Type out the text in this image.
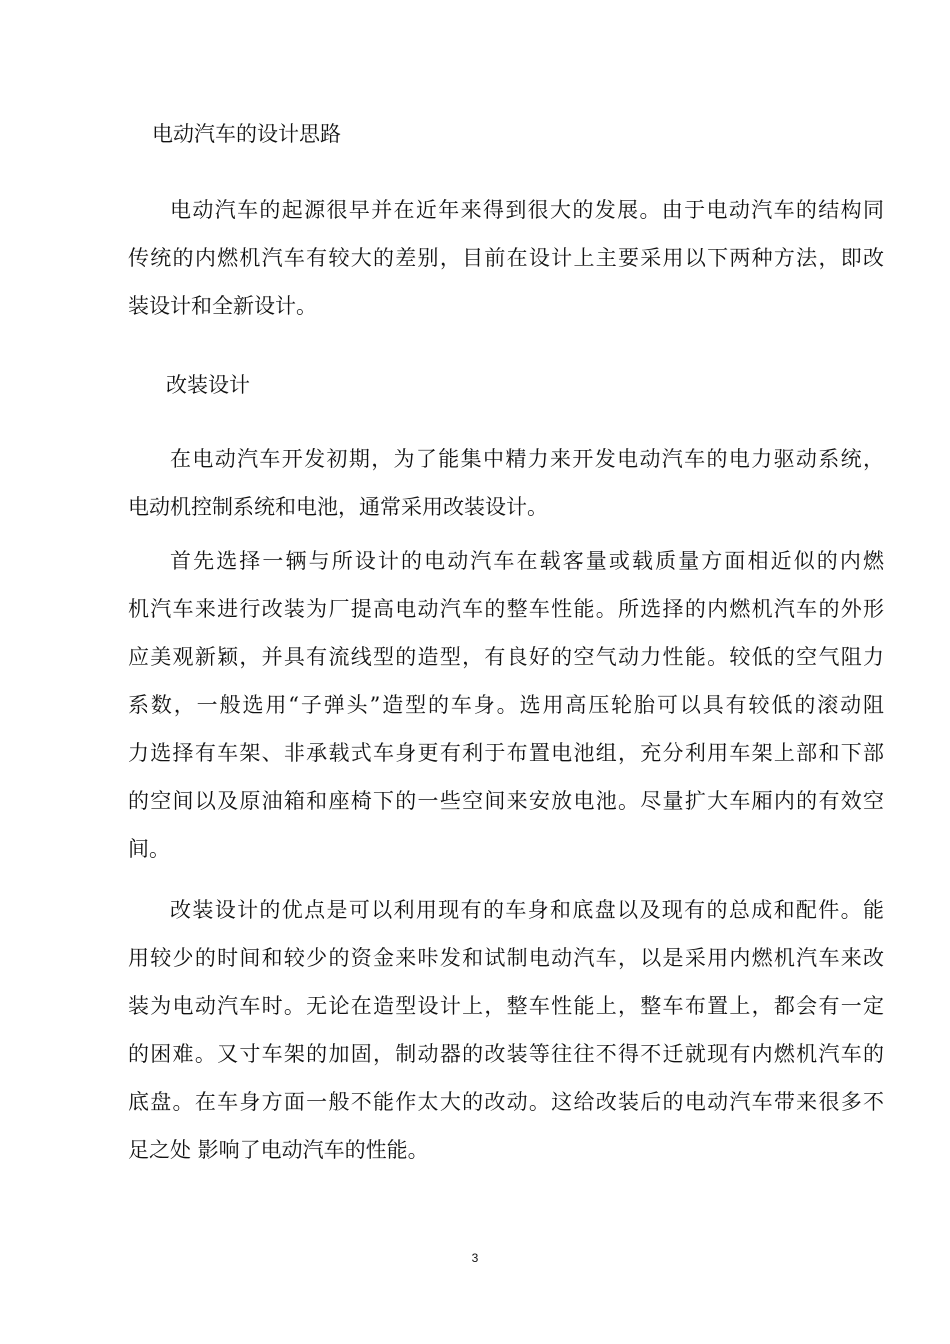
电动汽车的设计思路
电动汽车的起源很早并在近年来得到很大的发展。由于电动汽车的结构同
传统的内燃机汽车有较大的差别，目前在设计上主要采用以下两种方法，即改
装设计和全新设计。
改装设计
在电动汽车开发初期，为了能集中精力来开发电动汽车的电力驱动系统，
电动机控制系统和电池，通常采用改装设计。
首先选择一辆与所设计的电动汽车在载客量或载质量方面相近似的内燃
机汽车来进行改装为厂提高电动汽车的整车性能。所选择的内燃机汽车的外形
应美观新颖，并具有流线型的造型，有良好的空气动力性能。较低的空气阻力
系数，一般选用“子弹头”造型的车身。选用高压轮胎可以具有较低的滚动阻
力选择有车架、非承载式车身更有利于布置电池组，充分利用车架上部和下部
的空间以及原油箱和座椅下的一些空间来安放电池。尽量扩大车厢内的有效空
间。
改装设计的优点是可以利用现有的车身和底盘以及现有的总成和配件。能
用较少的时间和较少的资金来咔发和试制电动汽车，以是采用内燃机汽车来改
装为电动汽车时。无论在造型设计上，整车性能上，整车布置上，都会有一定
的困难。又寸车架的加固，制动器的改装等往往不得不迁就现有内燃机汽车的
底盘。在车身方面一般不能作太大的改动。这给改装后的电动汽车带来很多不
足之处 影响了电动汽车的性能。
3
